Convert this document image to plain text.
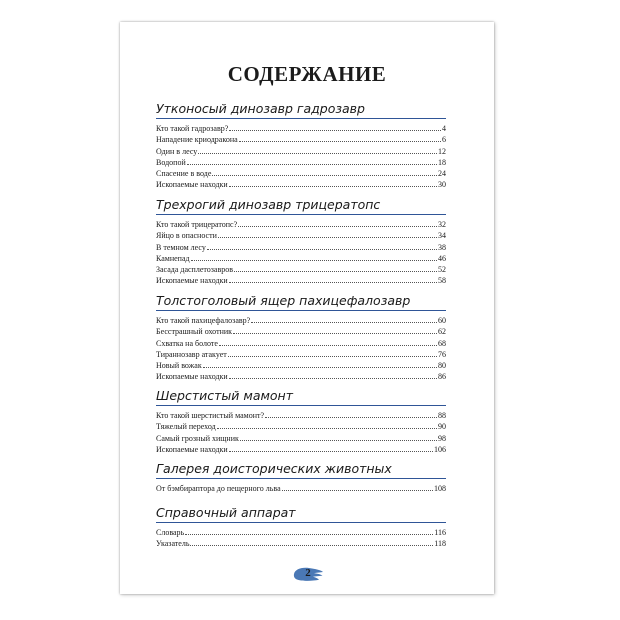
СОДЕРЖАНИЕ
Утконосый динозавр гадрозавр
Кто такой гадрозавр?	4
Нападение криодракона	6
Один в лесу	12
Водопой	18
Спасение в воде	24
Ископаемые находки	30
Трехрогий динозавр трицератопс
Кто такой трицератопс?	32
Яйцо в опасности	34
В темном лесу	38
Камнепад	46
Засада дасплетозавров	52
Ископаемые находки	58
Толстоголовый ящер пахицефалозавр
Кто такой пахицефалозавр?	60
Бесстрашный охотник	62
Схватка на болоте	68
Тираннозавр атакует	76
Новый вожак	80
Ископаемые находки	86
Шерстистый мамонт
Кто такой шерстистый мамонт?	88
Тяжелый переход	90
Самый грозный хищник	98
Ископаемые находки	106
Галерея доисторических животных
От бэмбираптора до пещерного льва	108
Справочный аппарат
Словарь	116
Указатель	118
2
